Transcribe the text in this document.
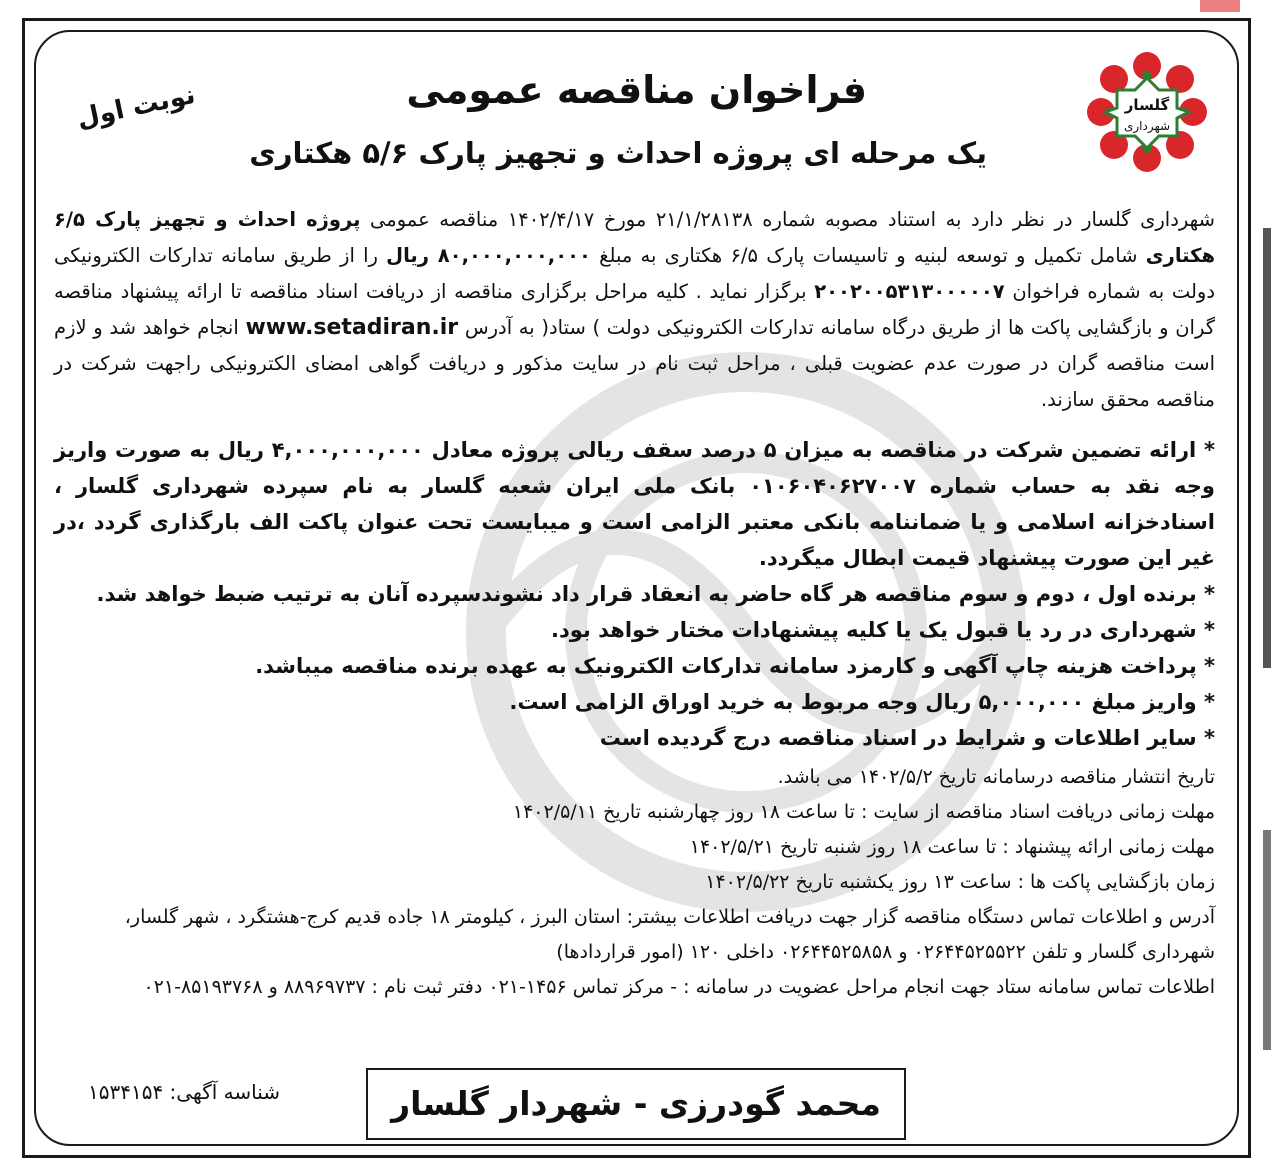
گلسار
شهرداری
فراخوان مناقصه عمومی
یک مرحله ای پروژه احداث و تجهیز پارک ۵/۶ هکتاری
نوبت اول
شهرداری گلسار در نظر دارد به استناد مصوبه شماره ۲۱/۱/۲۸۱۳۸ مورخ ۱۴۰۲/۴/۱۷ مناقصه عمومی پروژه احداث و تجهیز پارک ۶/۵ هکتاری شامل تکمیل و توسعه لبنیه و تاسیسات پارک ۶/۵ هکتاری به مبلغ ۸۰,۰۰۰,۰۰۰,۰۰۰ ریال را از طریق سامانه تدارکات الکترونیکی دولت به شماره فراخوان ۲۰۰۲۰۰۵۳۱۳۰۰۰۰۰۷ برگزار نماید . کلیه مراحل برگزاری مناقصه از دریافت اسناد مناقصه تا ارائه پیشنهاد مناقصه گران و بازگشایی پاکت ها از طریق درگاه سامانه تدارکات الکترونیکی دولت ) ستاد( به آدرس www.setadiran.ir انجام خواهد شد و لازم است مناقصه گران در صورت عدم عضویت قبلی ، مراحل ثبت نام در سایت مذکور و دریافت گواهی امضای الکترونیکی راجهت شرکت در مناقصه محقق سازند.

* ارائه تضمین شرکت در مناقصه به میزان ۵ درصد سقف ریالی پروژه معادل ۴,۰۰۰,۰۰۰,۰۰۰ ریال به صورت واریز وجه نقد به حساب شماره ۰۱۰۶۰۴۰۶۲۷۰۰۷ بانک ملی ایران شعبه گلسار به نام سپرده شهرداری گلسار ، اسنادخزانه اسلامی و یا ضماننامه بانکی معتبر الزامی است و میبایست تحت عنوان پاکت الف بارگذاری گردد ،در غیر این صورت پیشنهاد قیمت ابطال میگردد.

* برنده اول ، دوم و سوم مناقصه هر گاه حاضر به انعقاد قرار داد نشوندسپرده آنان به ترتیب ضبط خواهد شد.

* شهرداری در رد یا قبول یک یا کلیه پیشنهادات مختار خواهد بود.

* پرداخت هزینه چاپ آگهی و کارمزد سامانه تدارکات الکترونیک به عهده برنده مناقصه میباشد.

* واریز مبلغ ۵,۰۰۰,۰۰۰ ریال وجه مربوط به خرید اوراق الزامی است.

* سایر اطلاعات و شرایط در اسناد مناقصه درج گردیده است

تاریخ انتشار مناقصه درسامانه تاریخ ۱۴۰۲/۵/۲ می باشد.

مهلت زمانی دریافت اسناد مناقصه از سایت : تا ساعت ۱۸ روز چهارشنبه تاریخ ۱۴۰۲/۵/۱۱

مهلت زمانی ارائه پیشنهاد : تا ساعت ۱۸ روز شنبه تاریخ ۱۴۰۲/۵/۲۱

زمان بازگشایی پاکت ها : ساعت ۱۳ روز یکشنبه تاریخ ۱۴۰۲/۵/۲۲

آدرس و اطلاعات تماس دستگاه مناقصه گزار جهت دریافت اطلاعات بیشتر: استان البرز ، کیلومتر ۱۸ جاده قدیم کرج-هشتگرد ، شهر گلسار، شهرداری گلسار و تلفن ۰۲۶۴۴۵۲۵۵۲۲ و ۰۲۶۴۴۵۲۵۸۵۸ داخلی ۱۲۰ (امور قراردادها)

اطلاعات تماس سامانه ستاد جهت انجام مراحل عضویت در سامانه : - مرکز تماس ۱۴۵۶-۰۲۱ دفتر ثبت نام : ۸۸۹۶۹۷۳۷ و ۸۵۱۹۳۷۶۸-۰۲۱

محمد گودرزی - شهردار گلسار
شناسه آگهی: ۱۵۳۴۱۵۴
